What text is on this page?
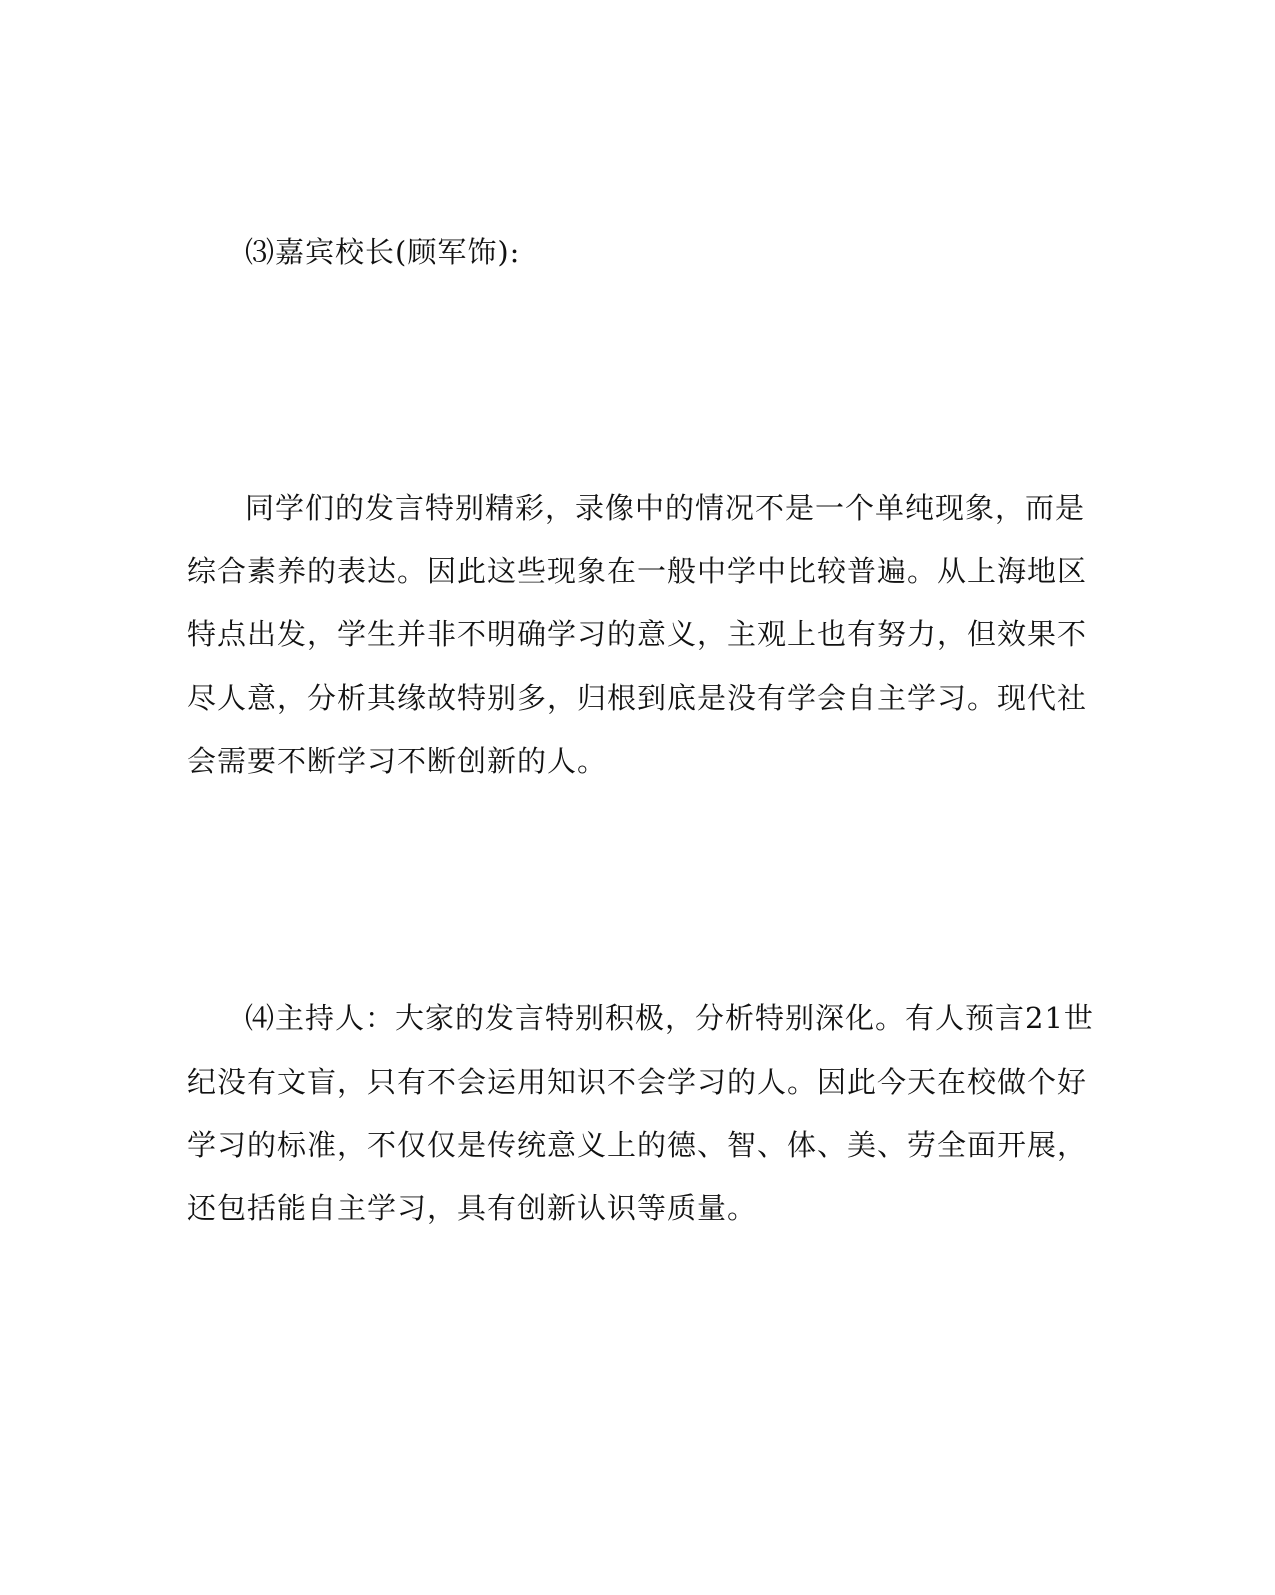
⑶嘉宾校长(顾军饰):
同学们的发言特别精彩，录像中的情况不是一个单纯现象，而是
综合素养的表达。因此这些现象在一般中学中比较普遍。从上海地区
特点出发，学生并非不明确学习的意义，主观上也有努力，但效果不
尽人意，分析其缘故特别多，归根到底是没有学会自主学习。现代社
会需要不断学习不断创新的人。
⑷主持人：大家的发言特别积极，分析特别深化。有人预言21世
纪没有文盲，只有不会运用知识不会学习的人。因此今天在校做个好
学习的标准，不仅仅是传统意义上的德、智、体、美、劳全面开展，
还包括能自主学习，具有创新认识等质量。
